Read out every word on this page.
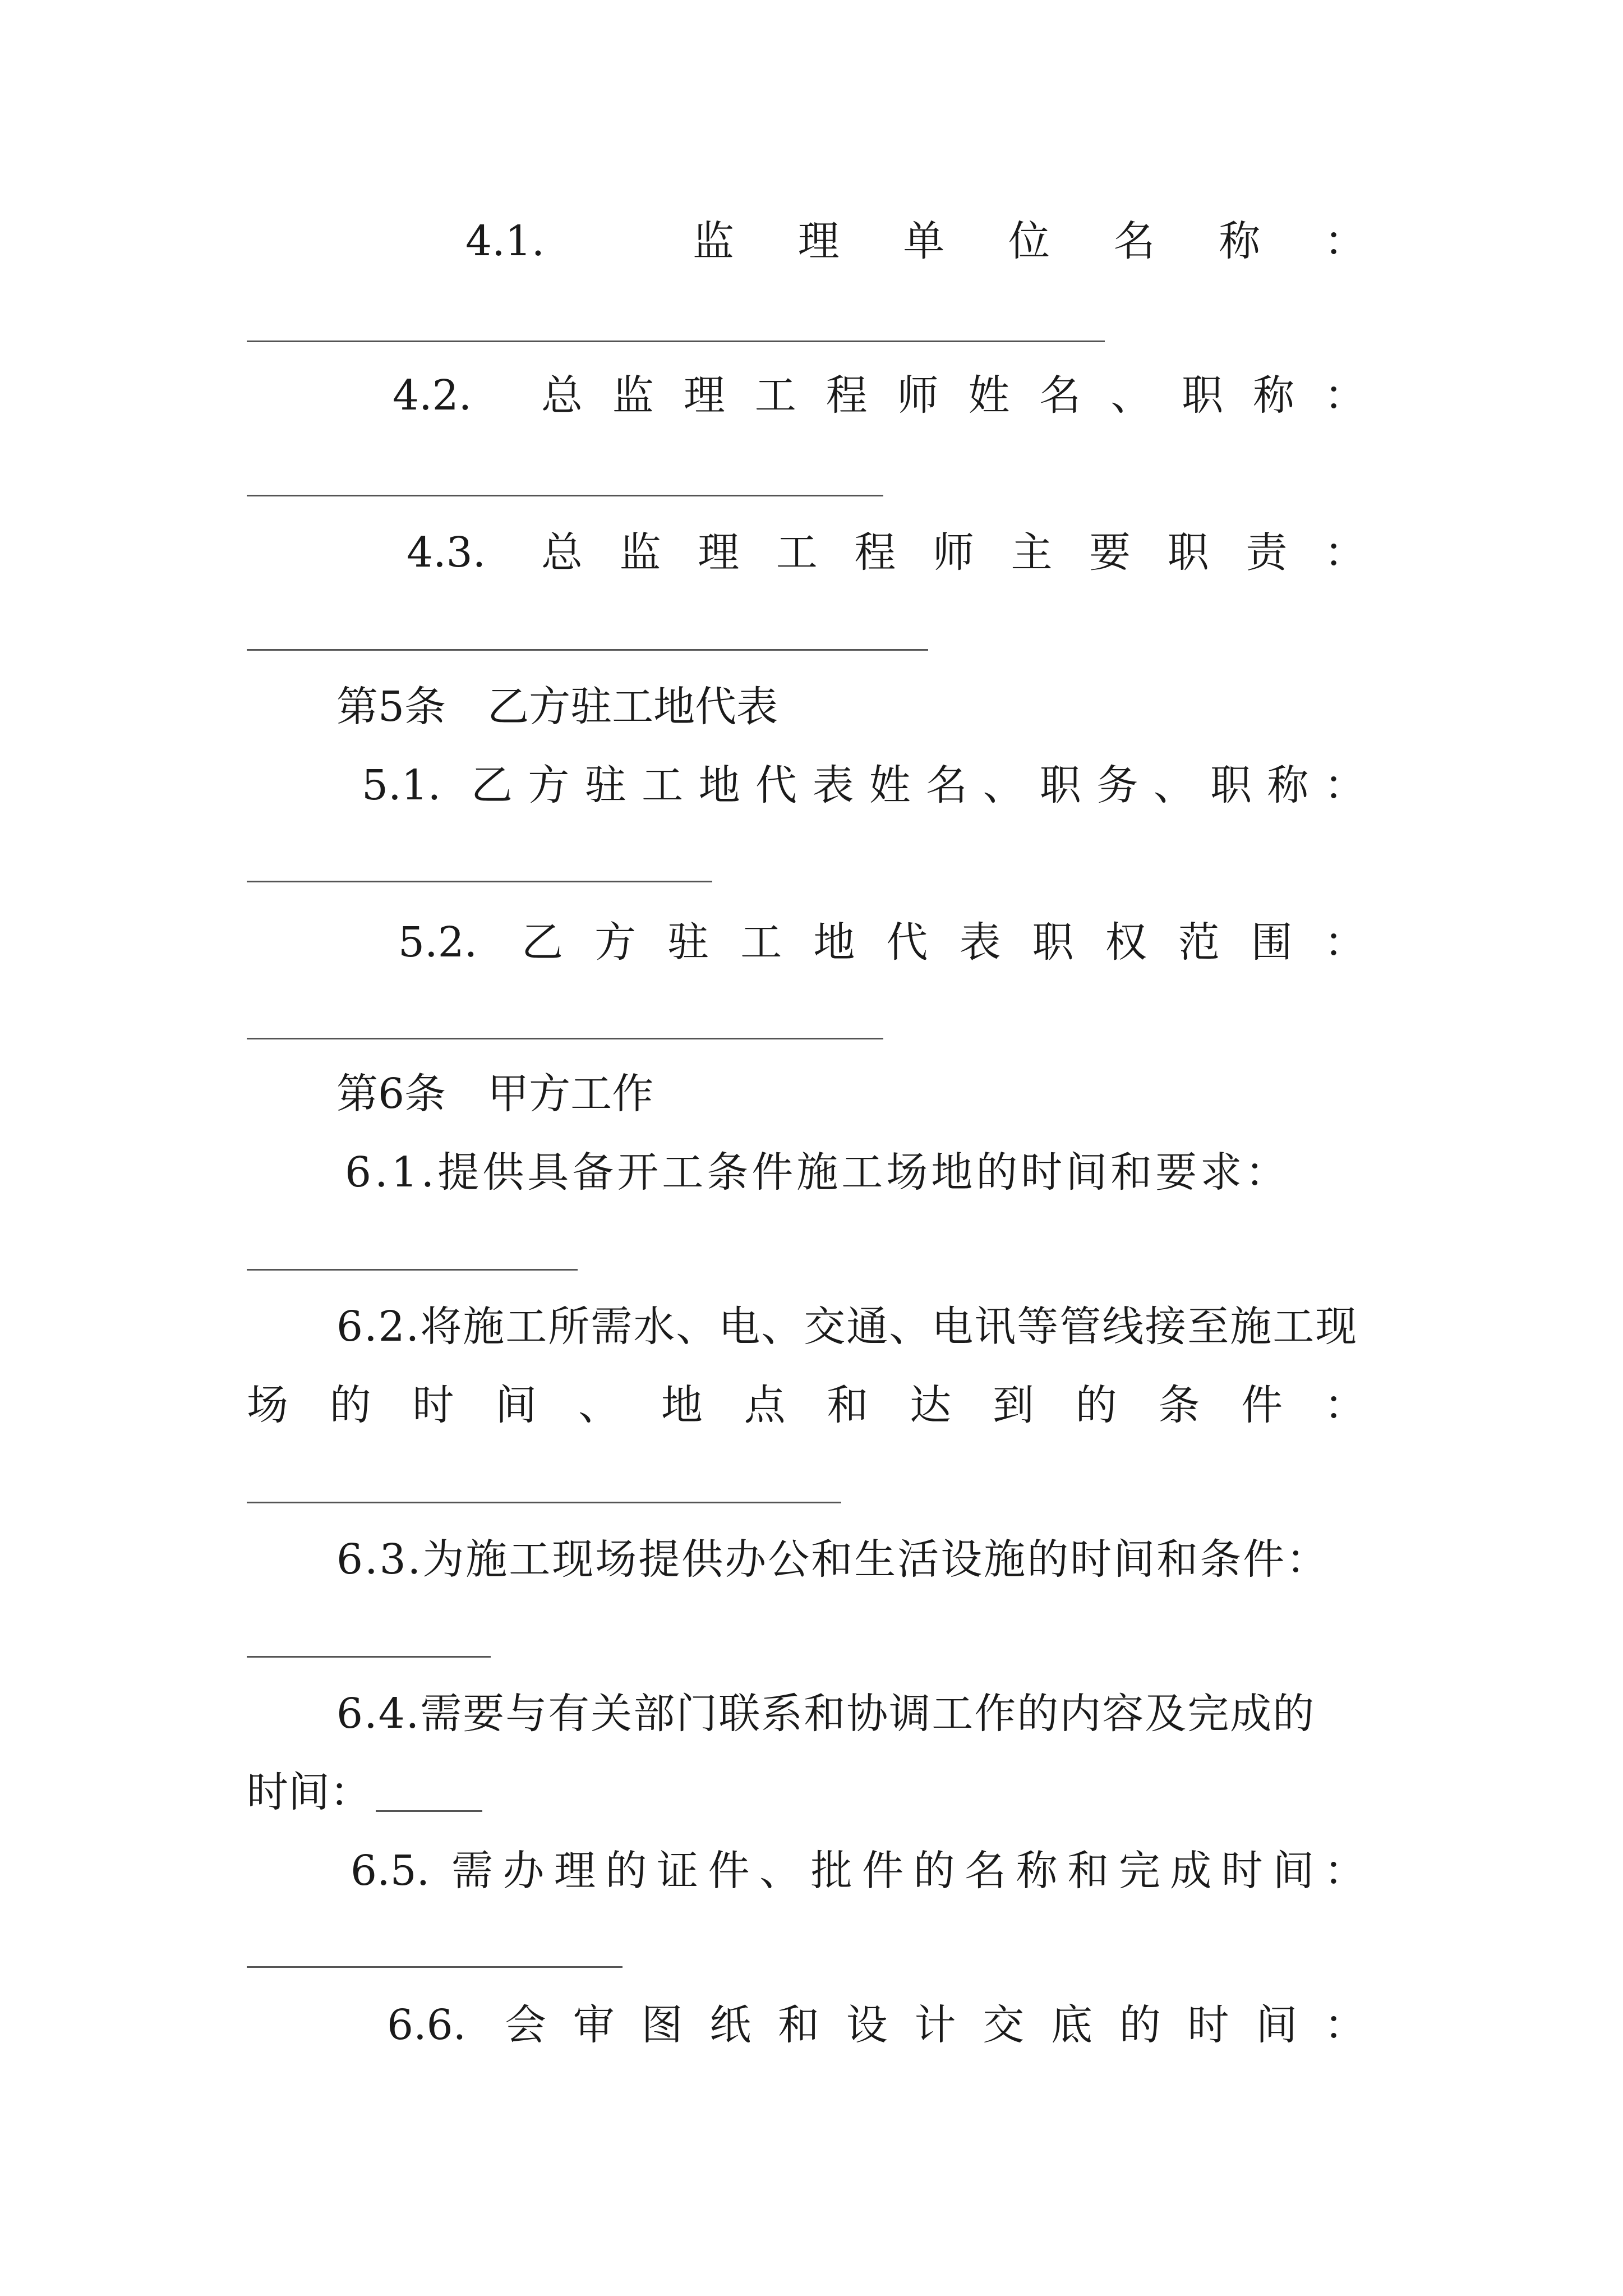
4.1.	监 理 单 位 名 称 ：
4.2. 总 监 理 工 程 师 姓 名 、 职 称 ：
4.3. 总 监 理 工 程 师 主 要 职 责 ：
第5条　乙方驻工地代表
5.1. 乙 方 驻 工 地 代 表 姓 名 、 职 务 、 职 称 ：
5.2. 乙 方 驻 工 地 代 表 职 权 范 围 ：
第6条　甲方工作
6.1.提供具备开工条件施工场地的时间和要求：
6.2.将施工所需水、电、交通、电讯等管线接至施工现
场 的 时 间 、 地 点 和 达 到 的 条 件 ：
6.3.为施工现场提供办公和生活设施的时间和条件：
6.4.需要与有关部门联系和协调工作的内容及完成的
时间：
6.5. 需 办 理 的 证 件 、 批 件 的 名 称 和 完 成 时 间 ：
6.6. 会 审 图 纸 和 设 计 交 底 的 时 间 ：
